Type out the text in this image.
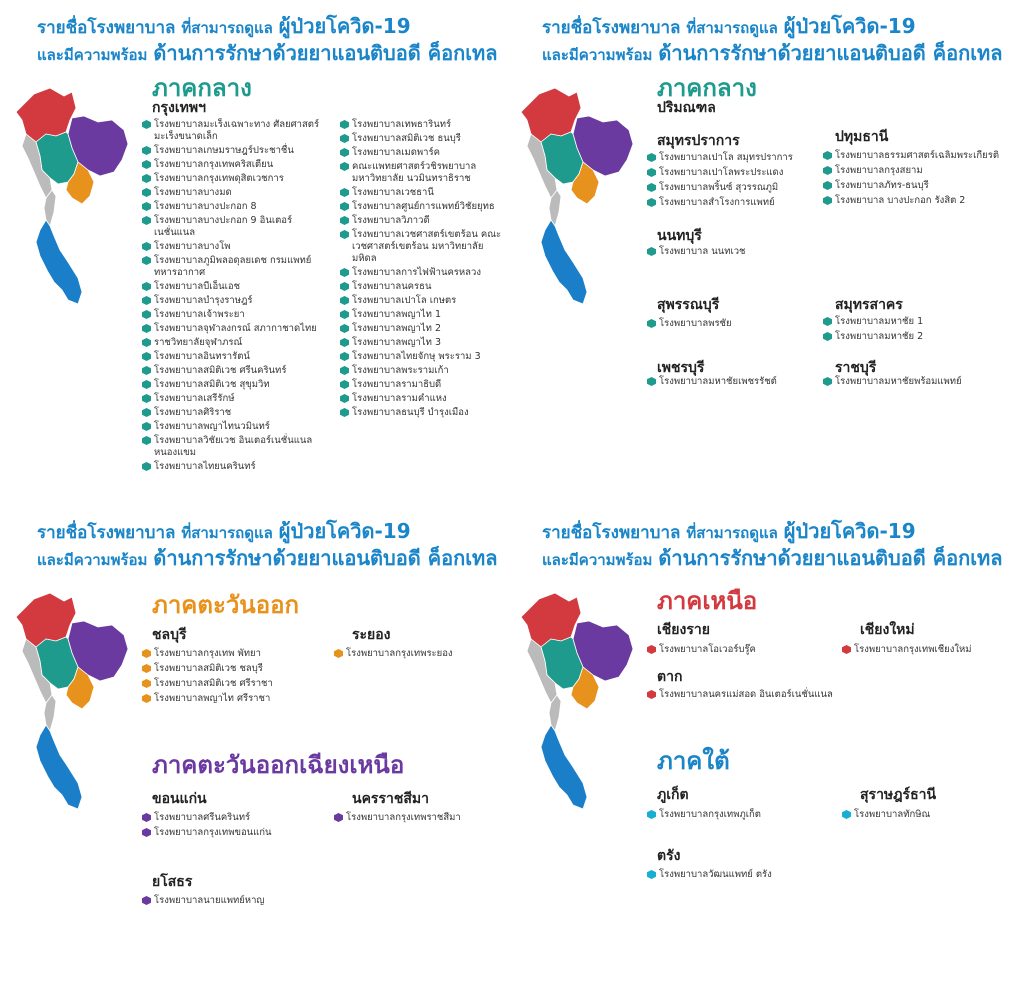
รายชื่อโรงพยาบาล ที่สามารถดูแล ผู้ป่วยโควิด-19
และมีความพร้อม ด้านการรักษาด้วยยาแอนติบอดี ค็อกเทล
ภาคกลาง
กรุงเทพฯ
โรงพยาบาลมะเร็งเฉพาะทาง ศัลยศาสตร์มะเร็งขนาดเล็ก
โรงพยาบาลเกษมราษฎร์ประชาชื่น
โรงพยาบาลกรุงเทพคริสเตียน
โรงพยาบาลกรุงเทพดุสิตเวชการ
โรงพยาบาลบางมด
โรงพยาบาลบางปะกอก 8
โรงพยาบาลบางปะกอก 9 อินเตอร์เนชั่นแนล
โรงพยาบาลบางโพ
โรงพยาบาลภูมิพลอดุลยเดช กรมแพทย์ทหารอากาศ
โรงพยาบาลบีเอ็นเอช
โรงพยาบาลบำรุงราษฎร์
โรงพยาบาลเจ้าพระยา
โรงพยาบาลจุฬาลงกรณ์ สภากาชาดไทย
ราชวิทยาลัยจุฬาภรณ์
โรงพยาบาลอินทรารัตน์
โรงพยาบาลสมิติเวช ศรีนครินทร์
โรงพยาบาลสมิติเวช สุขุมวิท
โรงพยาบาลเสรีรักษ์
โรงพยาบาลศิริราช
โรงพยาบาลพญาไทนวมินทร์
โรงพยาบาลวิชัยเวช อินเตอร์เนชั่นแนล หนองแขม
โรงพยาบาลไทยนครินทร์
โรงพยาบาลเทพธารินทร์
โรงพยาบาลสมิติเวช ธนบุรี
โรงพยาบาลเมดพาร์ค
คณะแพทยศาสตร์วชิรพยาบาล มหาวิทยาลัย นวมินทราธิราช
โรงพยาบาลเวชธานี
โรงพยาบาลศูนย์การแพทย์วิชัยยุทธ
โรงพยาบาลวิภาวดี
โรงพยาบาลเวชศาสตร์เขตร้อน คณะเวชศาสตร์เขตร้อน มหาวิทยาลัยมหิดล
โรงพยาบาลการไฟฟ้านครหลวง
โรงพยาบาลนครธน
โรงพยาบาลเปาโล เกษตร
โรงพยาบาลพญาไท 1
โรงพยาบาลพญาไท 2
โรงพยาบาลพญาไท 3
โรงพยาบาลไทยจักษุ พระราม 3
โรงพยาบาลพระรามเก้า
โรงพยาบาลรามาธิบดี
โรงพยาบาลรามคำแหง
โรงพยาบาลธนบุรี บำรุงเมือง
รายชื่อโรงพยาบาล ที่สามารถดูแล ผู้ป่วยโควิด-19
และมีความพร้อม ด้านการรักษาด้วยยาแอนติบอดี ค็อกเทล
ภาคกลาง
ปริมณฑล
สมุทรปราการ
โรงพยาบาลเปาโล สมุทรปราการ
โรงพยาบาลเปาโลพระประแดง
โรงพยาบาลพริ้นซ์ สุวรรณภูมิ
โรงพยาบาลสำโรงการแพทย์
ปทุมธานี
โรงพยาบาลธรรมศาสตร์เฉลิมพระเกียรติ
โรงพยาบาลกรุงสยาม
โรงพยาบาลภัทร-ธนบุรี
โรงพยาบาล บางปะกอก รังสิต 2
นนทบุรี
โรงพยาบาล นนทเวช
สุพรรณบุรี
โรงพยาบาลพรชัย
สมุทรสาคร
โรงพยาบาลมหาชัย 1
โรงพยาบาลมหาชัย 2
เพชรบุรี
โรงพยาบาลมหาชัยเพชรรัชต์
ราชบุรี
โรงพยาบาลมหาชัยพร้อมแพทย์
รายชื่อโรงพยาบาล ที่สามารถดูแล ผู้ป่วยโควิด-19
และมีความพร้อม ด้านการรักษาด้วยยาแอนติบอดี ค็อกเทล
ภาคตะวันออก
ชลบุรี
โรงพยาบาลกรุงเทพ พัทยา
โรงพยาบาลสมิติเวช ชลบุรี
โรงพยาบาลสมิติเวช ศรีราชา
โรงพยาบาลพญาไท ศรีราชา
ระยอง
โรงพยาบาลกรุงเทพระยอง
ภาคตะวันออกเฉียงเหนือ
ขอนแก่น
โรงพยาบาลศรีนครินทร์
โรงพยาบาลกรุงเทพขอนแก่น
นครราชสีมา
โรงพยาบาลกรุงเทพราชสีมา
ยโสธร
โรงพยาบาลนายแพทย์หาญ
รายชื่อโรงพยาบาล ที่สามารถดูแล ผู้ป่วยโควิด-19
และมีความพร้อม ด้านการรักษาด้วยยาแอนติบอดี ค็อกเทล
ภาคเหนือ
เชียงราย
โรงพยาบาลโอเวอร์บรู๊ค
เชียงใหม่
โรงพยาบาลกรุงเทพเชียงใหม่
ตาก
โรงพยาบาลนครแม่สอด อินเตอร์เนชั่นแนล
ภาคใต้
ภูเก็ต
โรงพยาบาลกรุงเทพภูเก็ต
สุราษฎร์ธานี
โรงพยาบาลทักษิณ
ตรัง
โรงพยาบาลวัฒนแพทย์ ตรัง
